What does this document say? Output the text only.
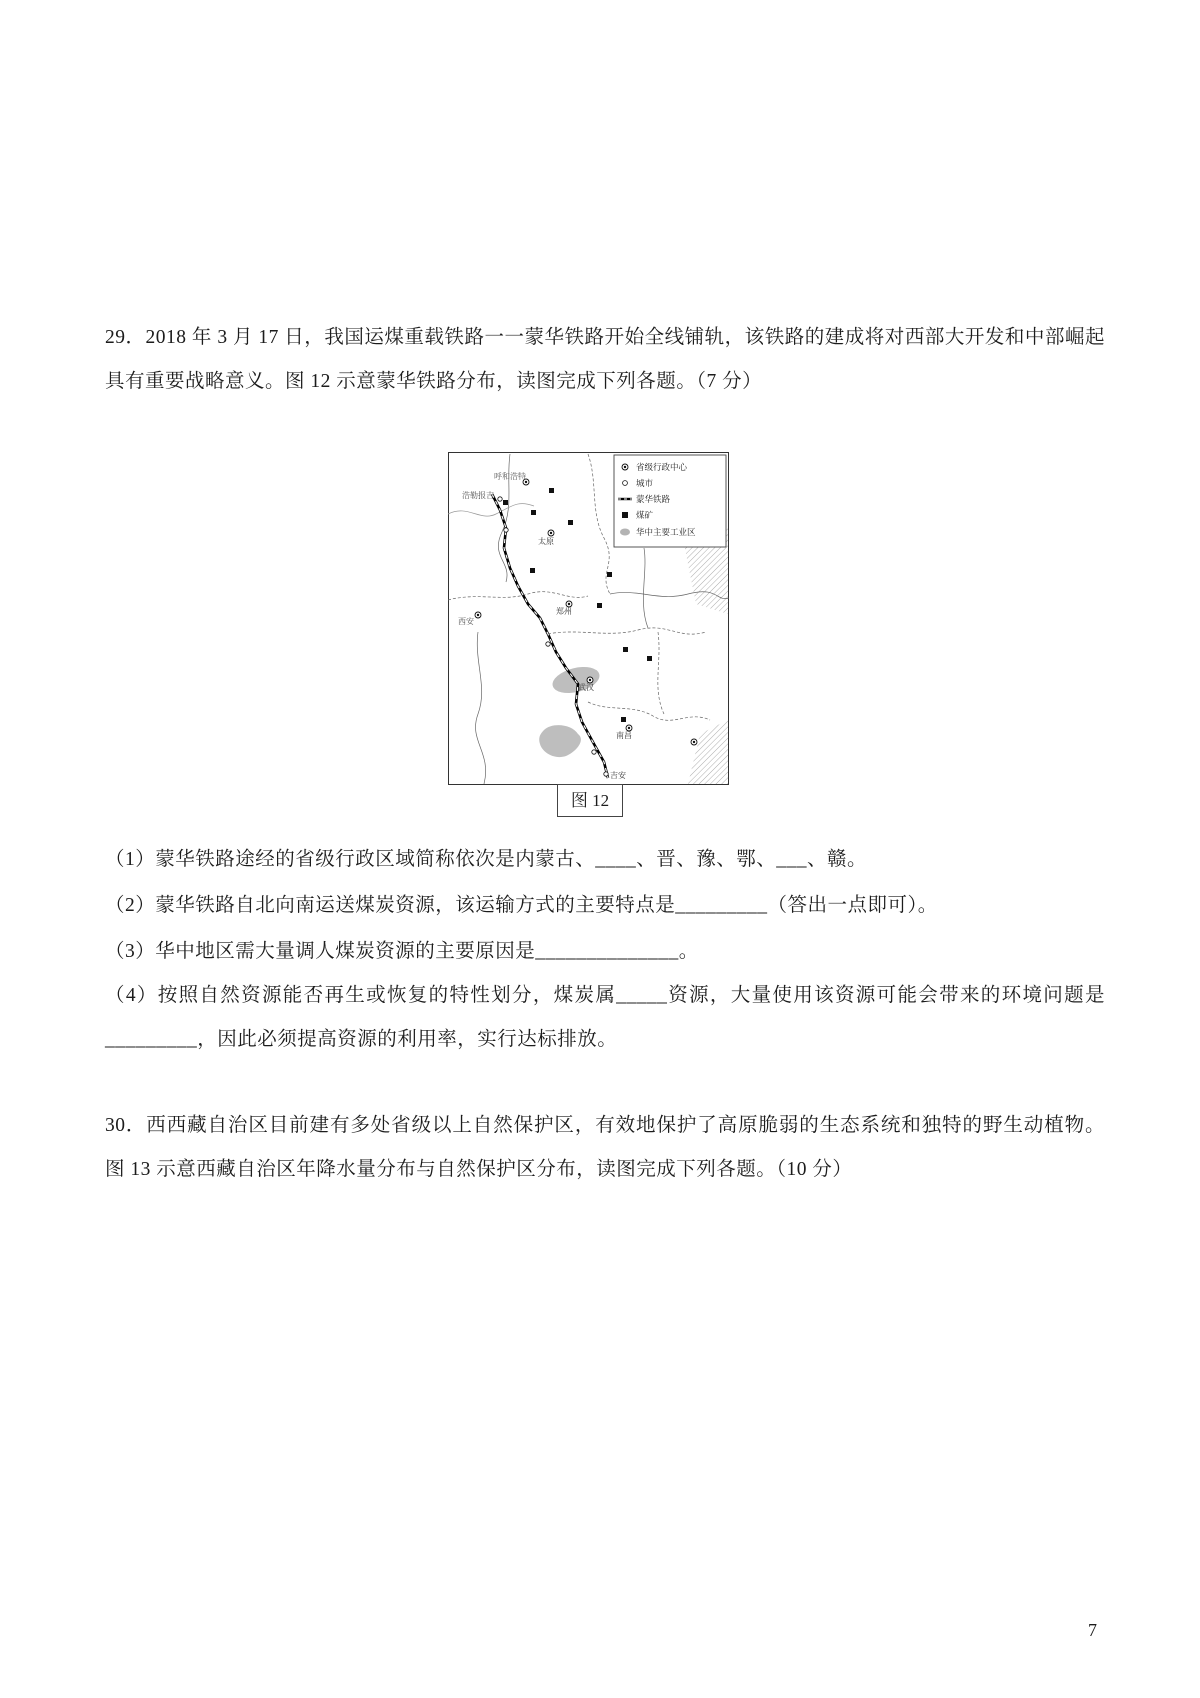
29．2018 年 3 月 17 日，我国运煤重载铁路一一蒙华铁路开始全线铺轨，该铁路的建成将对西部大开发和中部崛起具有重要战略意义。图 12 示意蒙华铁路分布，读图完成下列各题。（7 分）
呼和浩特
浩勒报吉
太原
西安
郑州
武汉
南昌
吉安
省级行政中心
城市
蒙华铁路
煤矿
华中主要工业区
图 12
（1）蒙华铁路途经的省级行政区域简称依次是内蒙古、____、晋、豫、鄂、___、赣。
（2）蒙华铁路自北向南运送煤炭资源，该运输方式的主要特点是_________（答出一点即可）。
（3）华中地区需大量调人煤炭资源的主要原因是______________。
（4）按照自然资源能否再生或恢复的特性划分，煤炭属_____资源，大量使用该资源可能会带来的环境问题是_________，因此必须提高资源的利用率，实行达标排放。
30．西西藏自治区目前建有多处省级以上自然保护区，有效地保护了高原脆弱的生态系统和独特的野生动植物。图 13 示意西藏自治区年降水量分布与自然保护区分布，读图完成下列各题。（10 分）
7
